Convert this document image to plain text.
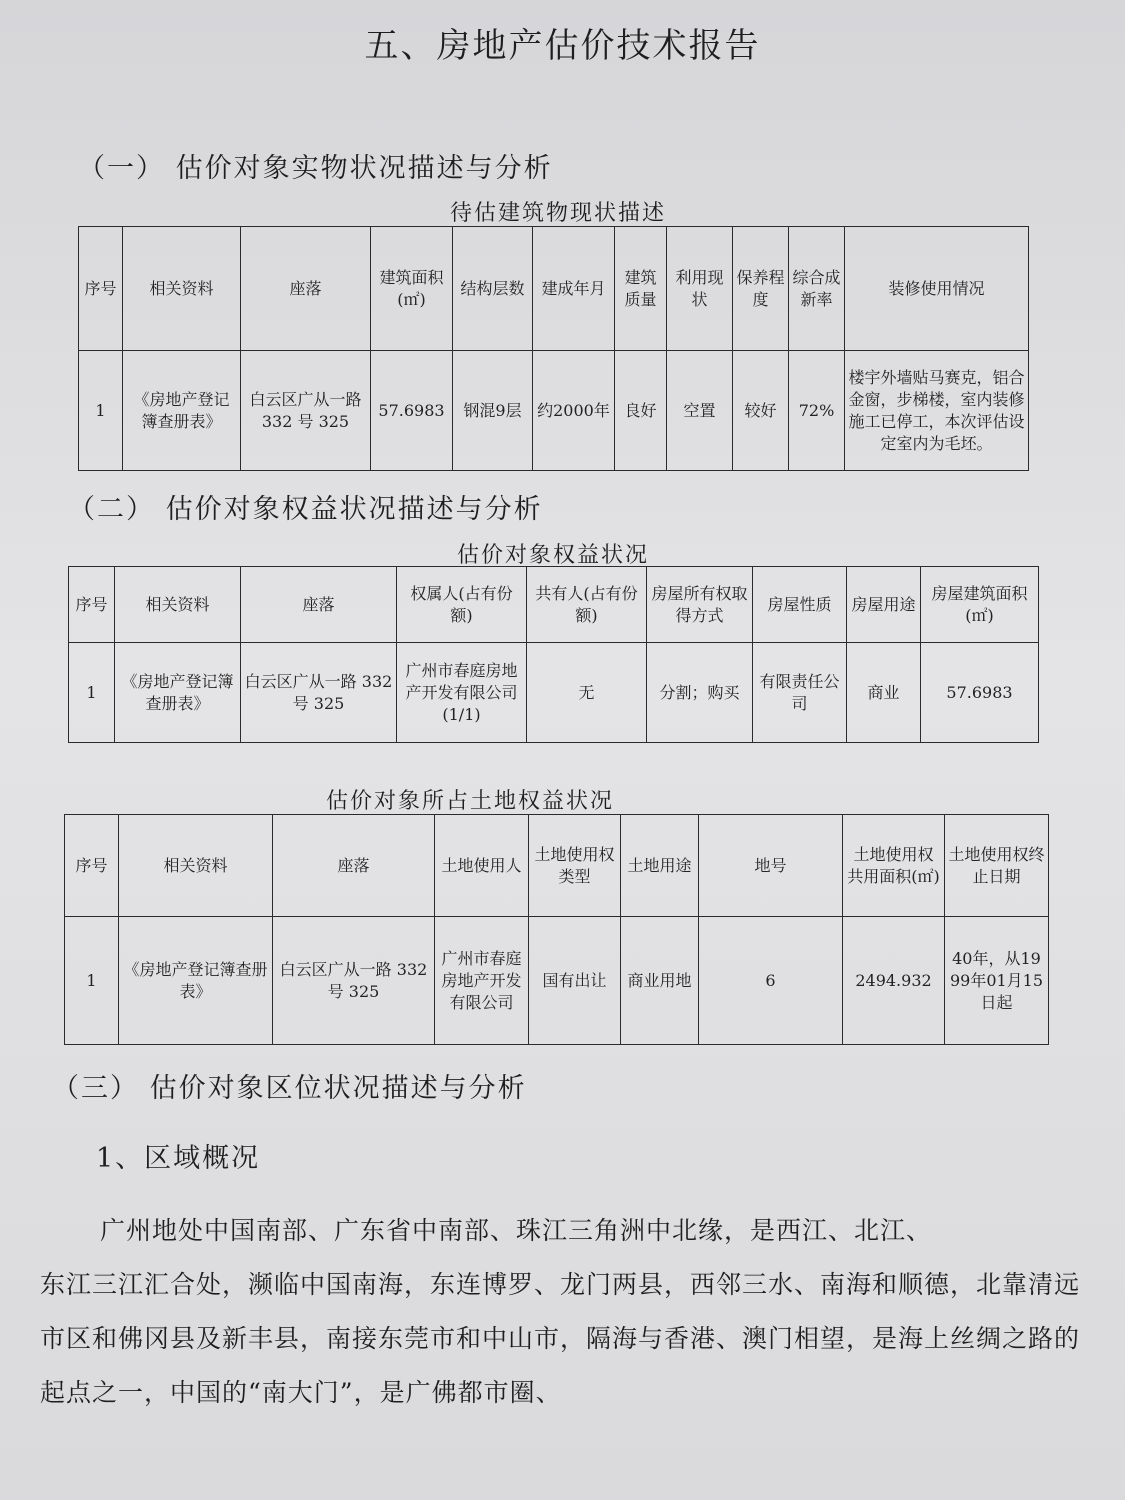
五、房地产估价技术报告
（一） 估价对象实物状况描述与分析
待估建筑物现状描述
序号	相关资料	座落	建筑面积(㎡)	结构层数	建成年月	建筑质量	利用现状	保养程度	综合成新率	装修使用情况
1	《房地产登记簿查册表》	白云区广从一路 332 号 325	57.6983	钢混9层	约2000年	良好	空置	较好	72%	楼宇外墙贴马赛克，铝合金窗，步梯楼，室内装修施工已停工，本次评估设定室内为毛坯。
（二） 估价对象权益状况描述与分析
估价对象权益状况
序号	相关资料	座落	权属人(占有份额)	共有人(占有份额)	房屋所有权取得方式	房屋性质	房屋用途	房屋建筑面积(㎡)
1	《房地产登记簿查册表》	白云区广从一路 332 号 325	广州市春庭房地产开发有限公司(1/1)	无	分割；购买	有限责任公司	商业	57.6983
估价对象所占土地权益状况
序号	相关资料	座落	土地使用人	土地使用权类型	土地用途	地号	土地使用权共用面积(㎡)	土地使用权终止日期
1	《房地产登记簿查册表》	白云区广从一路 332 号 325	广州市春庭房地产开发有限公司	国有出让	商业用地	6	2494.932	40年，从1999年01月15日起
（三） 估价对象区位状况描述与分析
1、区域概况
广州地处中国南部、广东省中南部、珠江三角洲中北缘，是西江、北江、
东江三江汇合处，濒临中国南海，东连博罗、龙门两县，西邻三水、南海和顺德，北靠清远市区和佛冈县及新丰县，南接东莞市和中山市，隔海与香港、澳门相望，是海上丝绸之路的起点之一，中国的“南大门”，是广佛都市圈、
